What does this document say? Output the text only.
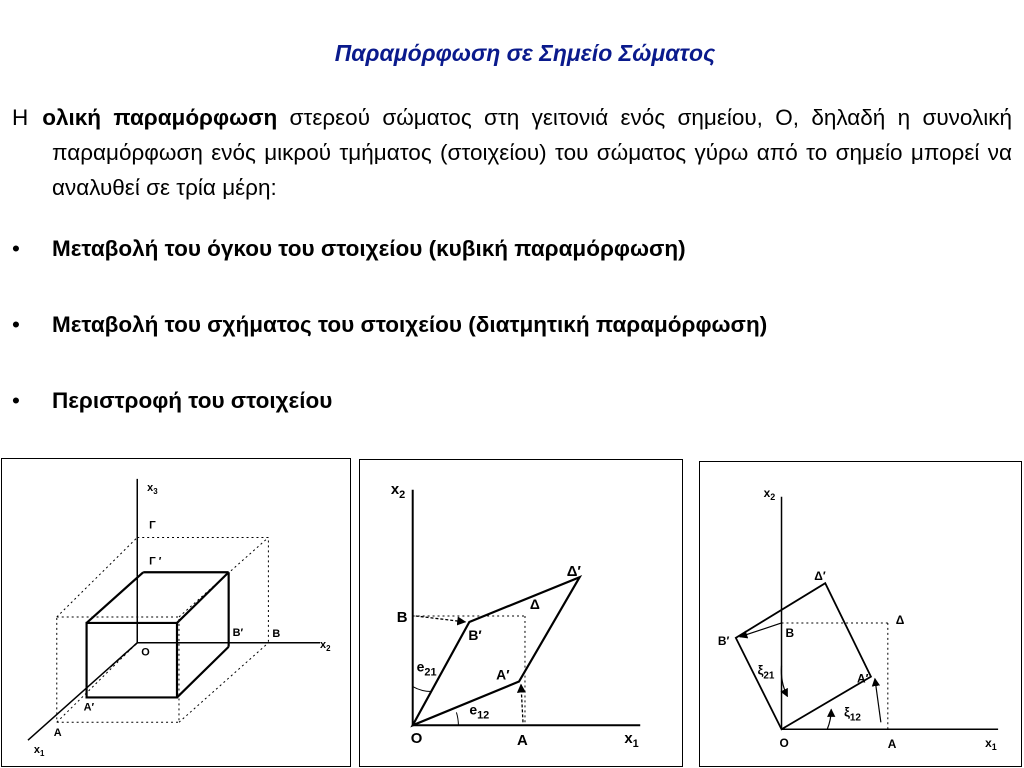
Παραμόρφωση σε Σημείο Σώματος
Η ολική παραμόρφωση στερεού σώματος στη γειτονιά ενός σημείου, Ο, δηλαδή η συνολική παραμόρφωση ενός μικρού τμήματος (στοιχείου) του σώματος γύρω από το σημείο μπορεί να αναλυθεί σε τρία μέρη:
• Μεταβολή του όγκου του στοιχείου (κυβική παραμόρφωση)
• Μεταβολή του σχήματος του στοιχείου (διατμητική παραμόρφωση)
• Περιστροφή του στοιχείου
$x_3$
Γ
Γ ′
B′	B
$x_2$
O
A′
A
$x_1$
$x_2$
B
B′
Δ
Δ′
A′
$e_{21}$
$e_{12}$
O	A	$x_1$
$x_2$
Δ′
Δ
B′
B
A′
$\xi_{21}$
$\xi_{12}$
O	A	$x_1$
